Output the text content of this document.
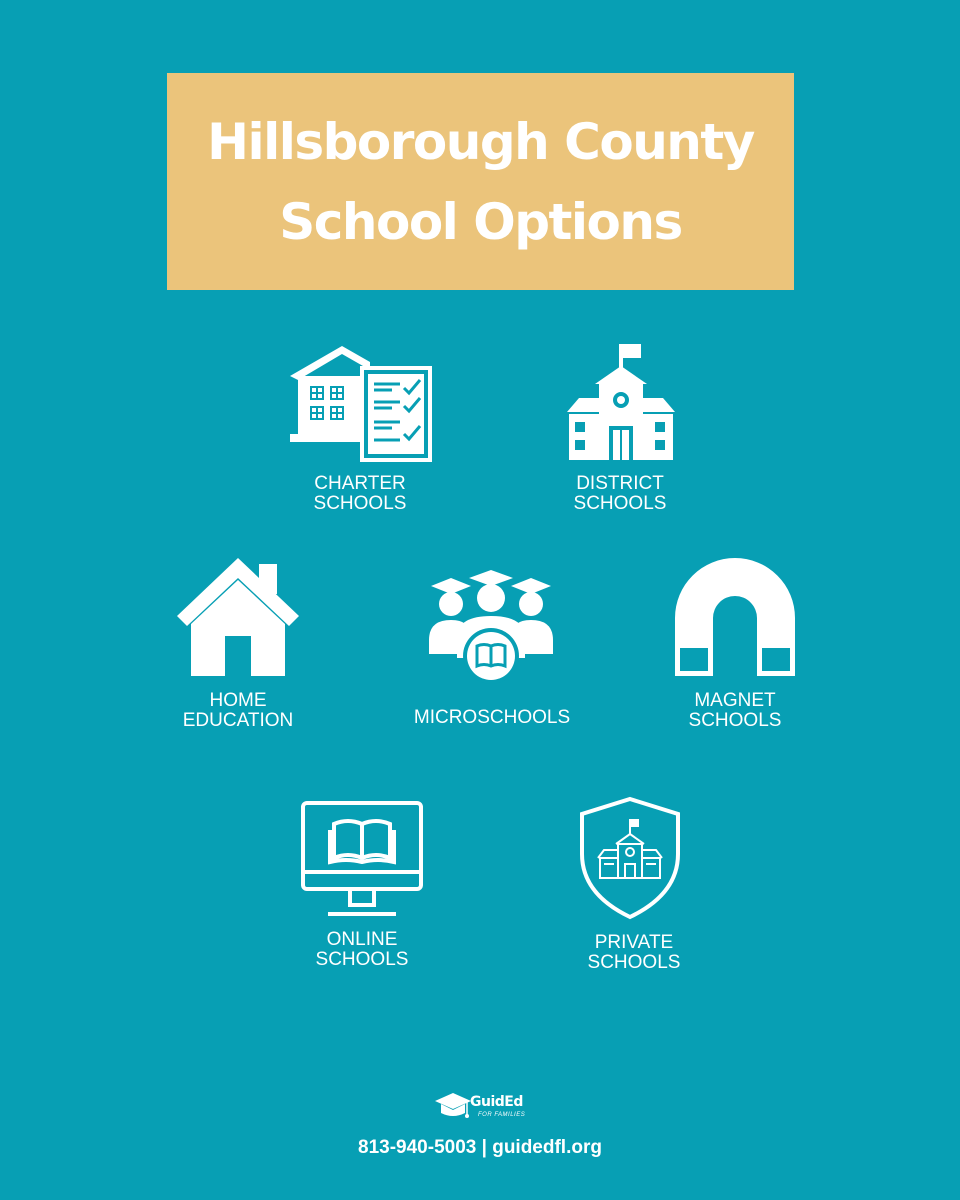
Hillsborough County
School Options
CHARTER
SCHOOLS
DISTRICT
SCHOOLS
HOME
EDUCATION	MICROSCHOOLS
MAGNET
SCHOOLS
ONLINE
SCHOOLS
PRIVATE
SCHOOLS
GuidEd
FOR FAMILIES
813-940-5003 | guidedfl.org
